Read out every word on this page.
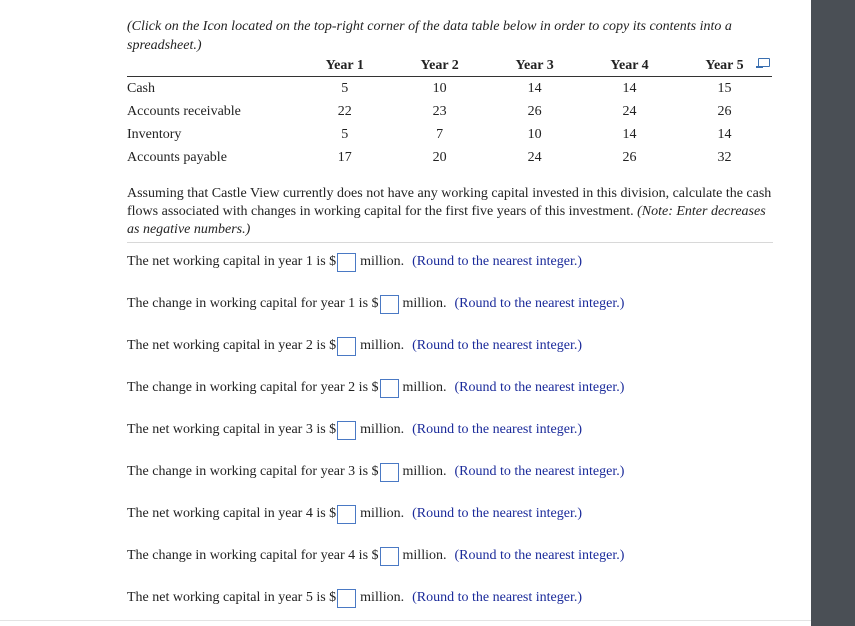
(Click on the Icon located on the top-right corner of the data table below in order to copy its contents into a spreadsheet.)
	Year 1	Year 2	Year 3	Year 4	Year 5
Cash	5	10	14	14	15
Accounts receivable	22	23	26	24	26
Inventory	5	7	10	14	14
Accounts payable	17	20	24	26	32
Assuming that Castle View currently does not have any working capital invested in this division, calculate the cash flows associated with changes in working capital for the first five years of this investment. (Note: Enter decreases as negative numbers.)
The net working capital in year 1 is $ million. (Round to the nearest integer.)
The change in working capital for year 1 is $ million. (Round to the nearest integer.)
The net working capital in year 2 is $ million. (Round to the nearest integer.)
The change in working capital for year 2 is $ million. (Round to the nearest integer.)
The net working capital in year 3 is $ million. (Round to the nearest integer.)
The change in working capital for year 3 is $ million. (Round to the nearest integer.)
The net working capital in year 4 is $ million. (Round to the nearest integer.)
The change in working capital for year 4 is $ million. (Round to the nearest integer.)
The net working capital in year 5 is $ million. (Round to the nearest integer.)
